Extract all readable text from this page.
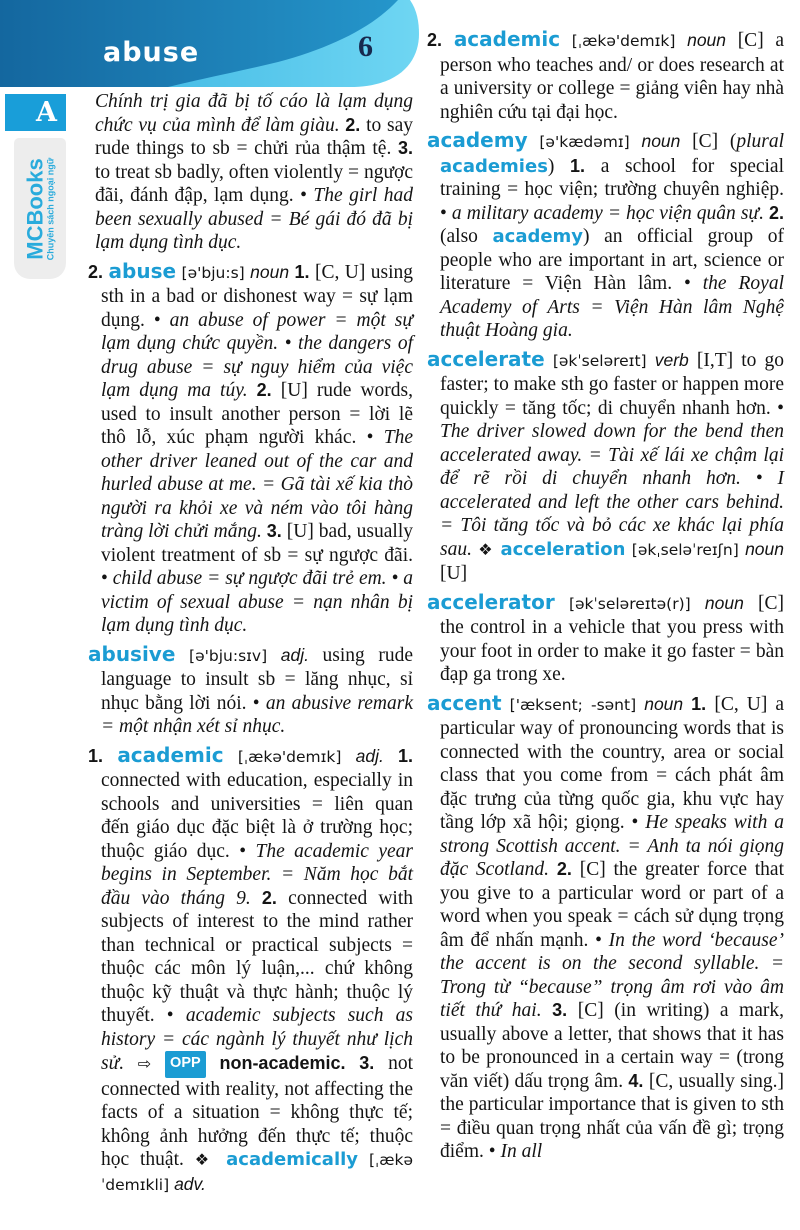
abuse	6
A
MCBooks
Chuyên sách ngoại ngữ

Chính trị gia đã bị tố cáo là lạm dụng chức vụ của mình để làm giàu. 2. to say rude things to sb = chửi rủa thậm tệ. 3. to treat sb badly, often violently = ngược đãi, đánh đập, lạm dụng. • The girl had been sexually abused = Bé gái đó đã bị lạm dụng tình dục.

2. abuse [ə'bju:s] noun 1. [C, U] using sth in a bad or dishonest way = sự lạm dụng. • an abuse of power = một sự lạm dụng chức quyền. • the dangers of drug abuse = sự nguy hiểm của việc lạm dụng ma túy. 2. [U] rude words, used to insult another person = lời lẽ thô lỗ, xúc phạm người khác. • The other driver leaned out of the car and hurled abuse at me. = Gã tài xế kia thò người ra khỏi xe và ném vào tôi hàng tràng lời chửi mắng. 3. [U] bad, usually violent treatment of sb = sự ngược đãi. • child abuse = sự ngược đãi trẻ em. • a victim of sexual abuse = nạn nhân bị lạm dụng tình dục.

abusive [ə'bju:sɪv] adj. using rude language to insult sb = lăng nhục, sỉ nhục bằng lời nói. • an abusive remark = một nhận xét sỉ nhục.

1. academic [ˌækə'demɪk] adj. 1. connected with education, especially in schools and universities = liên quan đến giáo dục đặc biệt là ở trường học; thuộc giáo dục. • The academic year begins in September. = Năm học bắt đầu vào tháng 9. 2. connected with subjects of interest to the mind rather than technical or practical subjects = thuộc các môn lý luận,... chứ không thuộc kỹ thuật và thực hành; thuộc lý thuyết. • academic subjects such as history = các ngành lý thuyết như lịch sử. ⇨ OPP non-academic. 3. not connected with reality, not affecting the facts of a situation = không thực tế; không ảnh hưởng đến thực tế; thuộc học thuật. ❖ academically [ˌækəˈdemɪkli] adv.

2. academic [ˌækə'demɪk] noun [C] a person who teaches and/ or does research at a university or college = giảng viên hay nhà nghiên cứu tại đại học.

academy [ə'kædəmɪ] noun [C] (plural academies) 1. a school for special training = học viện; trường chuyên nghiệp. • a military academy = học viện quân sự. 2. (also academy) an official group of people who are important in art, science or literature = Viện Hàn lâm. • the Royal Academy of Arts = Viện Hàn lâm Nghệ thuật Hoàng gia.

accelerate [əkˈseləreɪt] verb [I,T] to go faster; to make sth go faster or happen more quickly = tăng tốc; di chuyển nhanh hơn. • The driver slowed down for the bend then accelerated away. = Tài xế lái xe chậm lại để rẽ rồi di chuyển nhanh hơn. • I accelerated and left the other cars behind. = Tôi tăng tốc và bỏ các xe khác lại phía sau. ❖ acceleration [əkˌseləˈreɪʃn] noun [U]

accelerator [əkˈseləreɪtə(r)] noun [C] the control in a vehicle that you press with your foot in order to make it go faster = bàn đạp ga trong xe.

accent ['æksent; -sənt] noun 1. [C, U] a particular way of pronouncing words that is connected with the country, area or social class that you come from = cách phát âm đặc trưng của từng quốc gia, khu vực hay tầng lớp xã hội; giọng. • He speaks with a strong Scottish accent. = Anh ta nói giọng đặc Scotland. 2. [C] the greater force that you give to a particular word or part of a word when you speak = cách sử dụng trọng âm để nhấn mạnh. • In the word ‘because’ the accent is on the second syllable. = Trong từ “because” trọng âm rơi vào âm tiết thứ hai. 3. [C] (in writing) a mark, usually above a letter, that shows that it has to be pronounced in a certain way = (trong văn viết) dấu trọng âm. 4. [C, usually sing.] the particular importance that is given to sth = điều quan trọng nhất của vấn đề gì; trọng điểm. • In all
